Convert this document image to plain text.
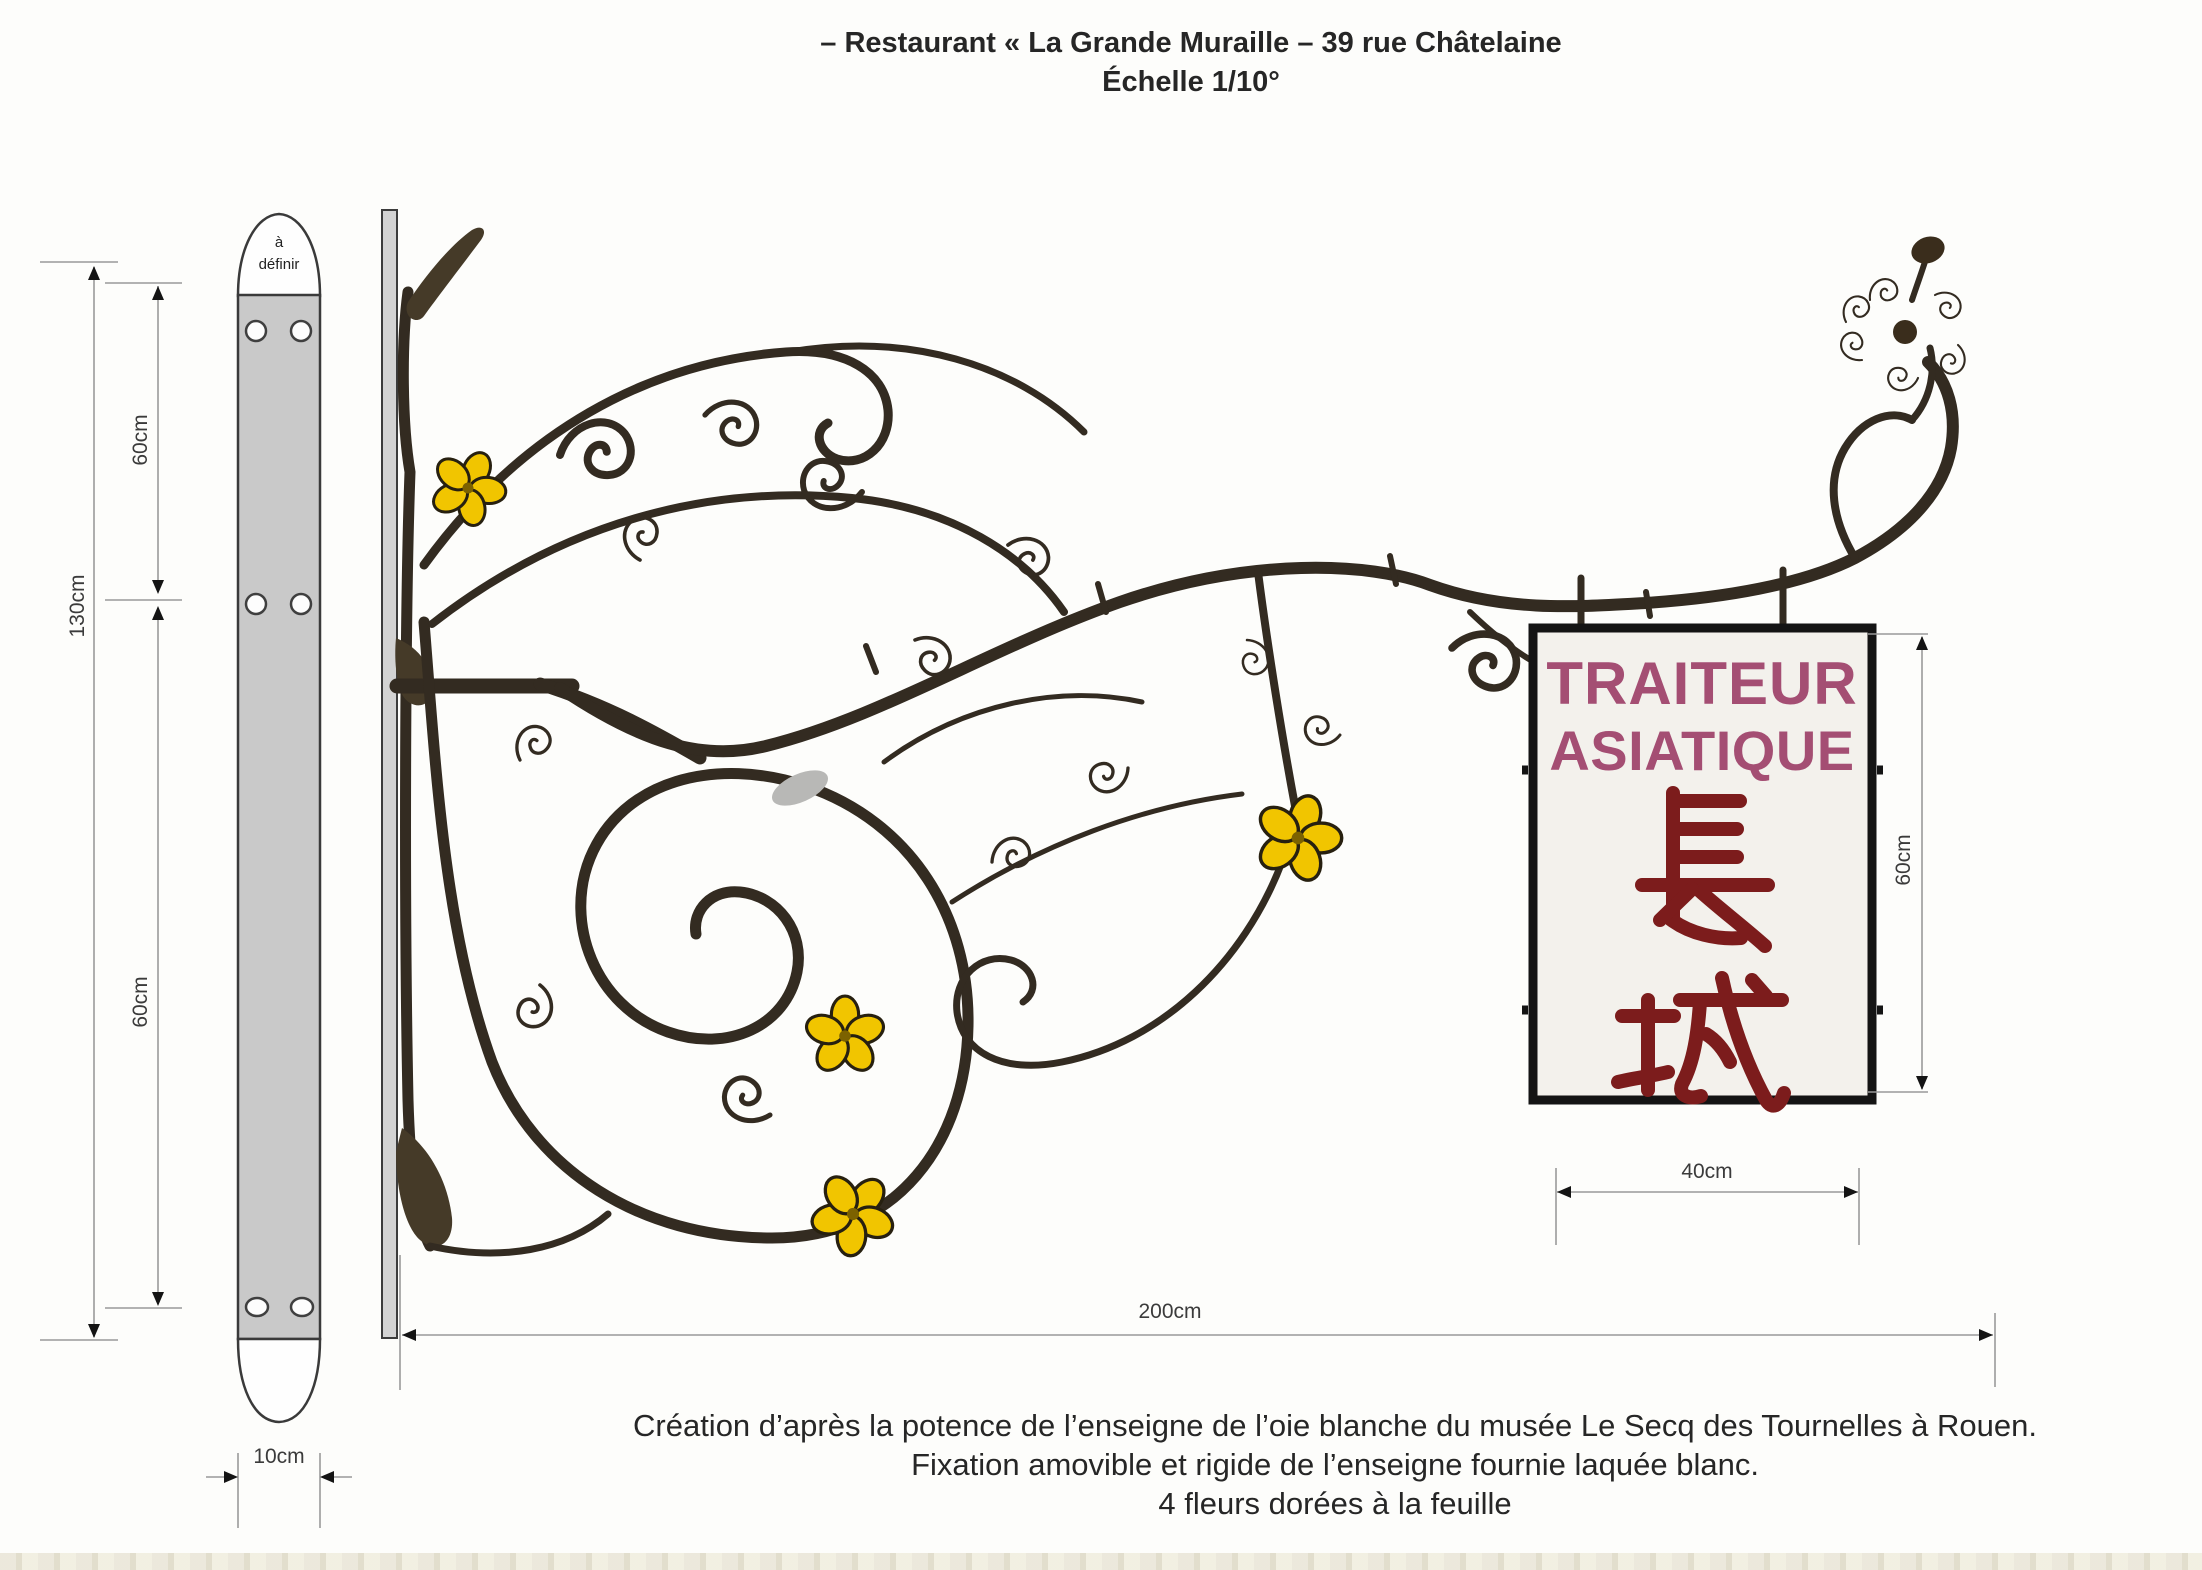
– Restaurant « La Grande Muraille – 39 rue Châtelaine
Échelle 1/10°
à
définir
130cm
60cm
60cm
10cm
TRAITEUR
ASIATIQUE
60cm
40cm
200cm
Création d’après la potence de l’enseigne de l’oie blanche du musée Le Secq des Tournelles à Rouen.
Fixation amovible et rigide de l’enseigne fournie laquée blanc.
4 fleurs dorées à la feuille
